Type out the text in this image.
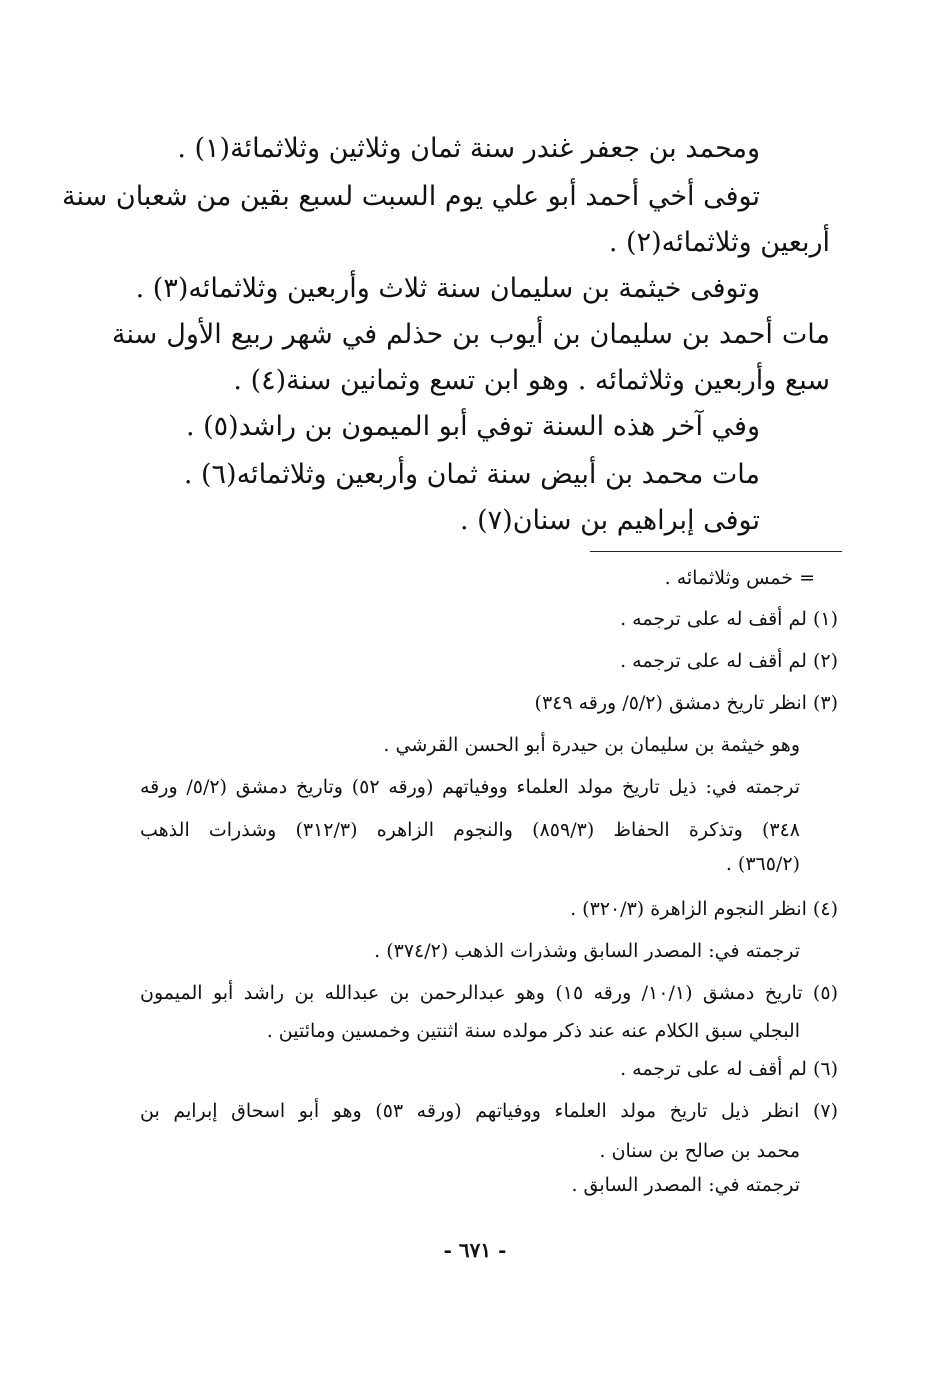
ومحمد بن جعفر غندر سنة ثمان وثلاثين وثلاثمائة(١) .
توفى أخي أحمد أبو علي يوم السبت لسبع بقين من شعبان سنة
أربعين وثلاثمائه(٢) .
وتوفى خيثمة بن سليمان سنة ثلاث وأربعين وثلاثمائه(٣) .
مات أحمد بن سليمان بن أيوب بن حذلم في شهر ربيع الأول سنة
سبع وأربعين وثلاثمائه . وهو ابن تسع وثمانين سنة(٤) .
وفي آخر هذه السنة توفي أبو الميمون بن راشد(٥) .
مات محمد بن أبيض سنة ثمان وأربعين وثلاثمائه(٦) .
توفى إبراهيم بن سنان(٧) .
= خمس وثلاثمائه .
(١) لم أقف له على ترجمه .
(٢) لم أقف له على ترجمه .
(٣) انظر تاريخ دمشق (٥/٢/ ورقه ٣٤٩)
وهو خيثمة بن سليمان بن حيدرة أبو الحسن القرشي .
ترجمته في: ذيل تاريخ مولد العلماء ووفياتهم (ورقه ٥٢) وتاريخ دمشق (٥/٢/ ورقه
٣٤٨) وتذكرة الحفاظ (٨٥٩/٣) والنجوم الزاهره (٣١٢/٣) وشذرات الذهب
(٣٦٥/٢) .
(٤) انظر النجوم الزاهرة (٣٢٠/٣) .
ترجمته في: المصدر السابق وشذرات الذهب (٣٧٤/٢) .
(٥) تاريخ دمشق (١٠/١/ ورقه ١٥) وهو عبدالرحمن بن عبدالله بن راشد أبو الميمون
البجلي سبق الكلام عنه عند ذكر مولده سنة اثنتين وخمسين ومائتين .
(٦) لم أقف له على ترجمه .
(٧) انظر ذيل تاريخ مولد العلماء ووفياتهم (ورقه ٥٣) وهو أبو اسحاق إبرايم بن
محمد بن صالح بن سنان .
ترجمته في: المصدر السابق .
- ٦٧١ -
